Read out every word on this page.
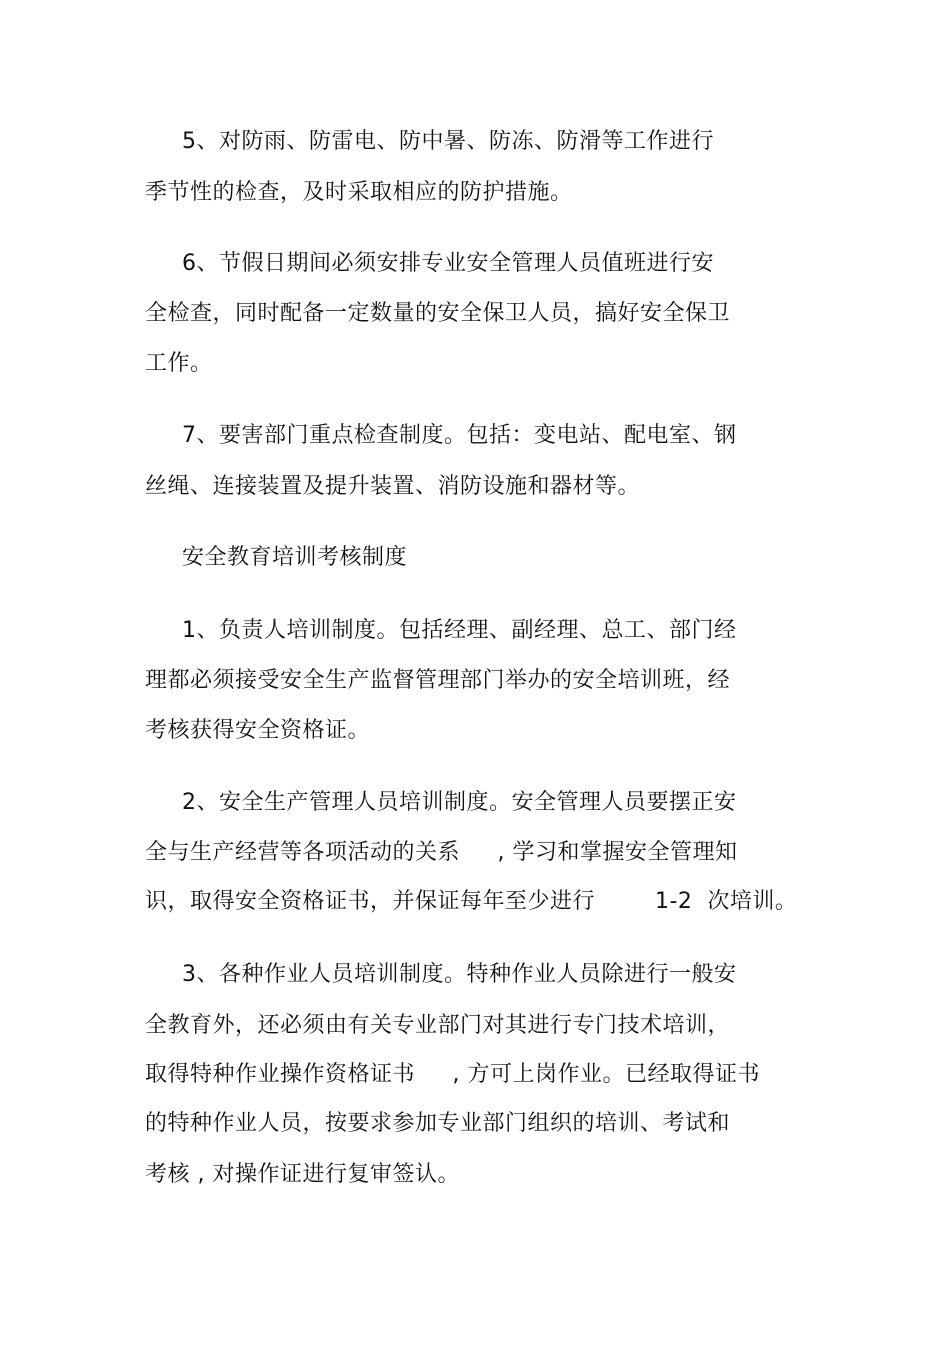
5、对防雨、防雷电、防中暑、防冻、防滑等工作进行
季节性的检查，及时采取相应的防护措施。
6、节假日期间必须安排专业安全管理人员值班进行安
全检查，同时配备一定数量的安全保卫人员，搞好安全保卫
工作。
7、要害部门重点检查制度。包括：变电站、配电室、钢
丝绳、连接装置及提升装置、消防设施和器材等。
安全教育培训考核制度
1、负责人培训制度。包括经理、副经理、总工、部门经
理都必须接受安全生产监督管理部门举办的安全培训班，经
考核获得安全资格证。
2、安全生产管理人员培训制度。安全管理人员要摆正安
全与生产经营等各项活动的关系     , 学习和掌握安全管理知
识，取得安全资格证书，并保证每年至少进行        1-2  次培训。
3、各种作业人员培训制度。特种作业人员除进行一般安
全教育外，还必须由有关专业部门对其进行专门技术培训，
取得特种作业操作资格证书     , 方可上岗作业。已经取得证书
的特种作业人员，按要求参加专业部门组织的培训、考试和
考核 , 对操作证进行复审签认。
